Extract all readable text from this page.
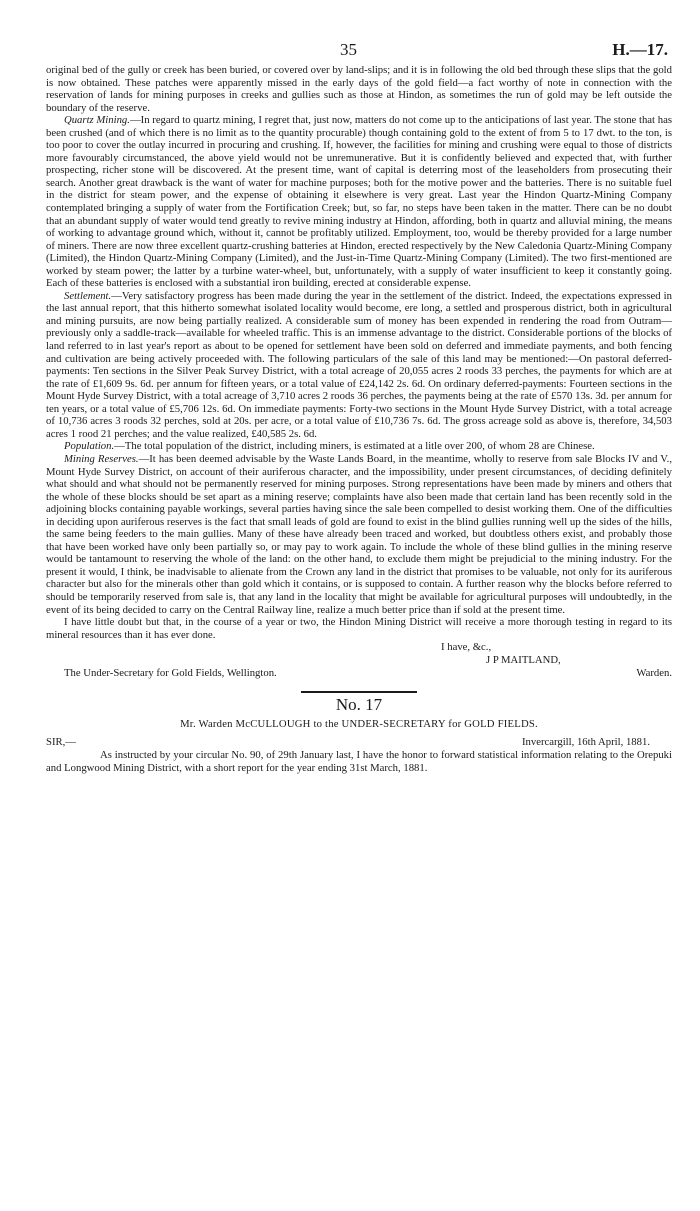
35	H.—17.

original bed of the gully or creek has been buried, or covered over by land-slips; and it is in following the old bed through these slips that the gold is now obtained. These patches were apparently missed in the early days of the gold field—a fact worthy of note in connection with the reservation of lands for mining purposes in creeks and gullies such as those at Hindon, as sometimes the run of gold may be left outside the boundary of the reserve.

Quartz Mining.—In regard to quartz mining, I regret that, just now, matters do not come up to the anticipations of last year. The stone that has been crushed (and of which there is no limit as to the quantity procurable) though containing gold to the extent of from 5 to 17 dwt. to the ton, is too poor to cover the outlay incurred in procuring and crushing. If, however, the facilities for mining and crushing were equal to those of districts more favourably circumstanced, the above yield would not be unremunerative. But it is confidently believed and expected that, with further prospecting, richer stone will be discovered. At the present time, want of capital is deterring most of the leaseholders from prosecuting their search. Another great drawback is the want of water for machine purposes; both for the motive power and the batteries. There is no suitable fuel in the district for steam power, and the expense of obtaining it elsewhere is very great. Last year the Hindon Quartz-Mining Company contemplated bringing a supply of water from the Fortification Creek; but, so far, no steps have been taken in the matter. There can be no doubt that an abundant supply of water would tend greatly to revive mining industry at Hindon, affording, both in quartz and alluvial mining, the means of working to advantage ground which, without it, cannot be profitably utilized. Employment, too, would be thereby provided for a large number of miners. There are now three excellent quartz-crushing batteries at Hindon, erected respectively by the New Caledonia Quartz-Mining Company (Limited), the Hindon Quartz-Mining Company (Limited), and the Just-in-Time Quartz-Mining Company (Limited). The two first-mentioned are worked by steam power; the latter by a turbine water-wheel, but, unfortunately, with a supply of water insufficient to keep it constantly going. Each of these batteries is enclosed with a substantial iron building, erected at considerable expense.

Settlement.—Very satisfactory progress has been made during the year in the settlement of the district. Indeed, the expectations expressed in the last annual report, that this hitherto somewhat isolated locality would become, ere long, a settled and prosperous district, both in agricultural and mining pursuits, are now being partially realized. A considerable sum of money has been expended in rendering the road from Outram—previously only a saddle-track—available for wheeled traffic. This is an immense advantage to the district. Considerable portions of the blocks of land referred to in last year's report as about to be opened for settlement have been sold on deferred and immediate payments, and both fencing and cultivation are being actively proceeded with. The following particulars of the sale of this land may be mentioned:—On pastoral deferred-payments: Ten sections in the Silver Peak Survey District, with a total acreage of 20,055 acres 2 roods 33 perches, the payments for which are at the rate of £1,609 9s. 6d. per annum for fifteen years, or a total value of £24,142 2s. 6d. On ordinary deferred-payments: Fourteen sections in the Mount Hyde Survey District, with a total acreage of 3,710 acres 2 roods 36 perches, the payments being at the rate of £570 13s. 3d. per annum for ten years, or a total value of £5,706 12s. 6d. On immediate payments: Forty-two sections in the Mount Hyde Survey District, with a total acreage of 10,736 acres 3 roods 32 perches, sold at 20s. per acre, or a total value of £10,736 7s. 6d. The gross acreage sold as above is, therefore, 34,503 acres 1 rood 21 perches; and the value realized, £40,585 2s. 6d.

Population.—The total population of the district, including miners, is estimated at a litle over 200, of whom 28 are Chinese.

Mining Reserves.—It has been deemed advisable by the Waste Lands Board, in the meantime, wholly to reserve from sale Blocks IV and V., Mount Hyde Survey District, on account of their auriferous character, and the impossibility, under present circumstances, of deciding definitely what should and what should not be permanently reserved for mining purposes. Strong representations have been made by miners and others that the whole of these blocks should be set apart as a mining reserve; complaints have also been made that certain land has been recently sold in the adjoining blocks containing payable workings, several parties having since the sale been compelled to desist working them. One of the difficulties in deciding upon auriferous reserves is the fact that small leads of gold are found to exist in the blind gullies running well up the sides of the hills, the same being feeders to the main gullies. Many of these have already been traced and worked, but doubtless others exist, and probably those that have been worked have only been partially so, or may pay to work again. To include the whole of these blind gullies in the mining reserve would be tantamount to reserving the whole of the land: on the other hand, to exclude them might be prejudicial to the mining industry. For the present it would, I think, be inadvisable to alienate from the Crown any land in the district that promises to be valuable, not only for its auriferous character but also for the minerals other than gold which it contains, or is supposed to contain. A further reason why the blocks before referred to should be temporarily reserved from sale is, that any land in the locality that might be available for agricultural purposes will undoubtedly, in the event of its being decided to carry on the Central Railway line, realize a much better price than if sold at the present time.

I have little doubt but that, in the course of a year or two, the Hindon Mining District will receive a more thorough testing in regard to its mineral resources than it has ever done.

I have, &c.,
J P MAITLAND,
The Under-Secretary for Gold Fields, Wellington.	Warden.
No. 17
Mr. Warden McCULLOUGH to the UNDER-SECRETARY for GOLD FIELDS.
SIR,—	Invercargill, 16th April, 1881.

As instructed by your circular No. 90, of 29th January last, I have the honor to forward statistical information relating to the Orepuki and Longwood Mining District, with a short report for the year ending 31st March, 1881.
